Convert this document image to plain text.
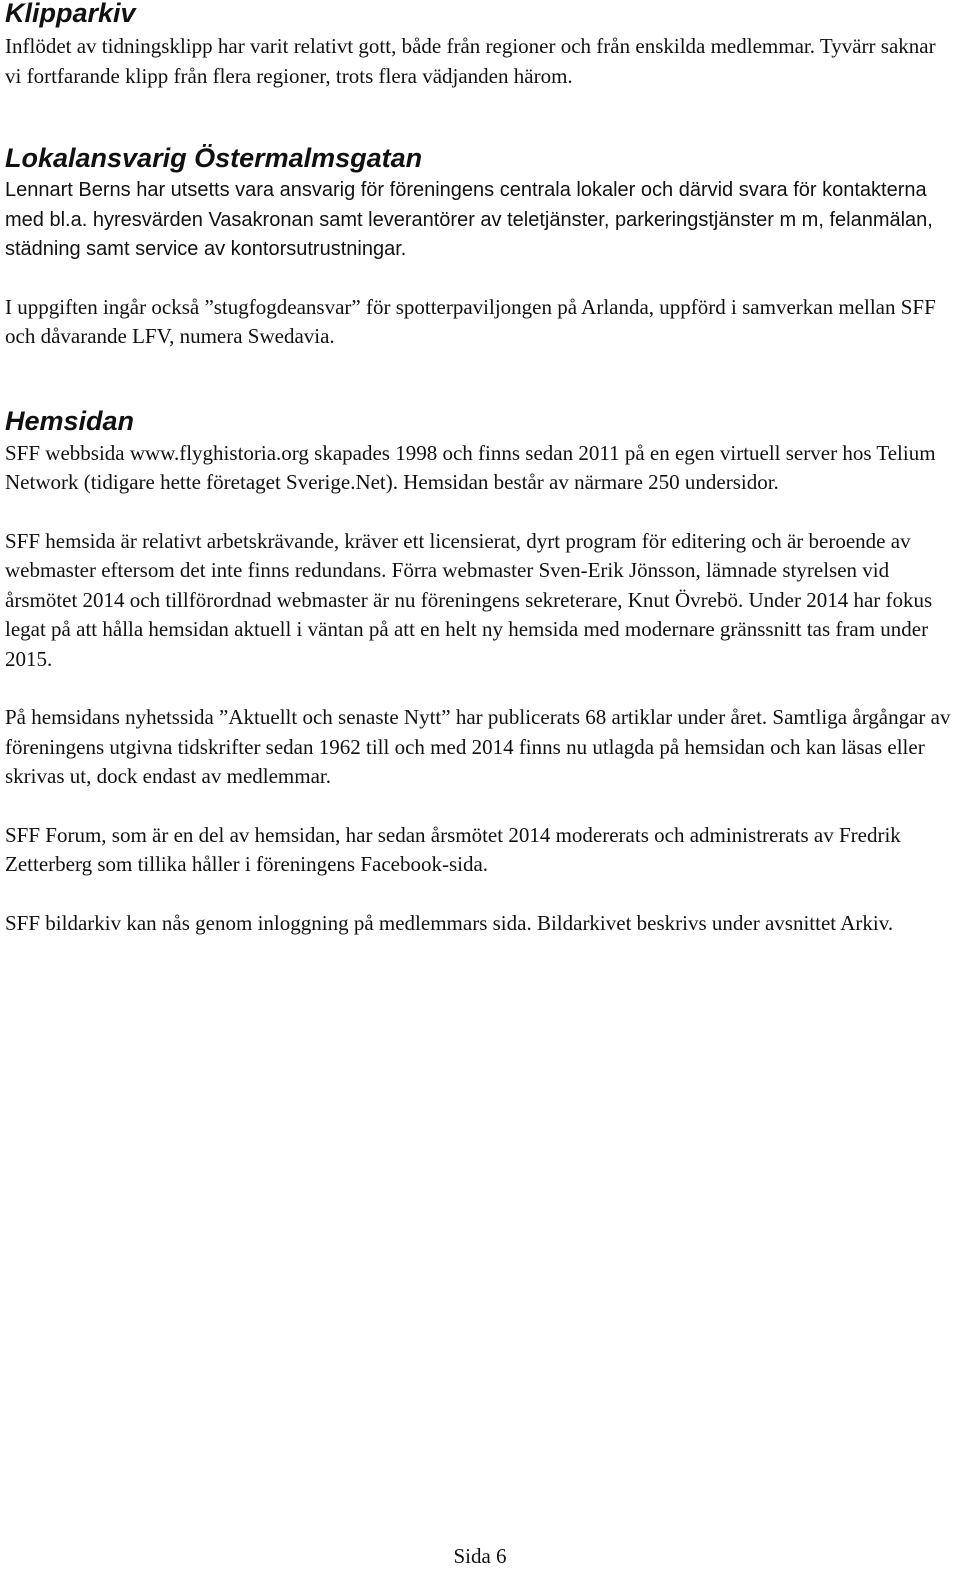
Klipparkiv

Inflödet av tidningsklipp har varit relativt gott, både från regioner och från enskilda medlemmar. Tyvärr saknar vi fortfarande klipp från flera regioner, trots flera vädjanden härom.

Lokalansvarig Östermalmsgatan

Lennart Berns har utsetts vara ansvarig för föreningens centrala lokaler och därvid svara för kontakterna med bl.a. hyresvärden Vasakronan samt leverantörer av teletjänster, parkeringstjänster m m, felanmälan, städning samt service av kontorsutrustningar.

I uppgiften ingår också ”stugfogdeansvar” för spotterpaviljongen på Arlanda, uppförd i samverkan mellan SFF och dåvarande LFV, numera Swedavia.

Hemsidan

SFF webbsida www.flyghistoria.org skapades 1998 och finns sedan 2011 på en egen virtuell server hos Telium Network (tidigare hette företaget Sverige.Net). Hemsidan består av närmare 250 undersidor.

SFF hemsida är relativt arbetskrävande, kräver ett licensierat, dyrt program för editering och är beroende av webmaster eftersom det inte finns redundans. Förra webmaster Sven-Erik Jönsson, lämnade styrelsen vid årsmötet 2014 och tillförordnad webmaster är nu föreningens sekreterare, Knut Övrebö. Under 2014 har fokus legat på att hålla hemsidan aktuell i väntan på att en helt ny hemsida med modernare gränssnitt tas fram under 2015.

På hemsidans nyhetssida ”Aktuellt och senaste Nytt” har publicerats 68 artiklar under året. Samtliga årgångar av föreningens utgivna tidskrifter sedan 1962 till och med 2014 finns nu utlagda på hemsidan och kan läsas eller skrivas ut, dock endast av medlemmar.

SFF Forum, som är en del av hemsidan, har sedan årsmötet 2014 modererats och administrerats av Fredrik Zetterberg som tillika håller i föreningens Facebook-sida.

SFF bildarkiv kan nås genom inloggning på medlemmars sida. Bildarkivet beskrivs under avsnittet Arkiv.

Sida 6
